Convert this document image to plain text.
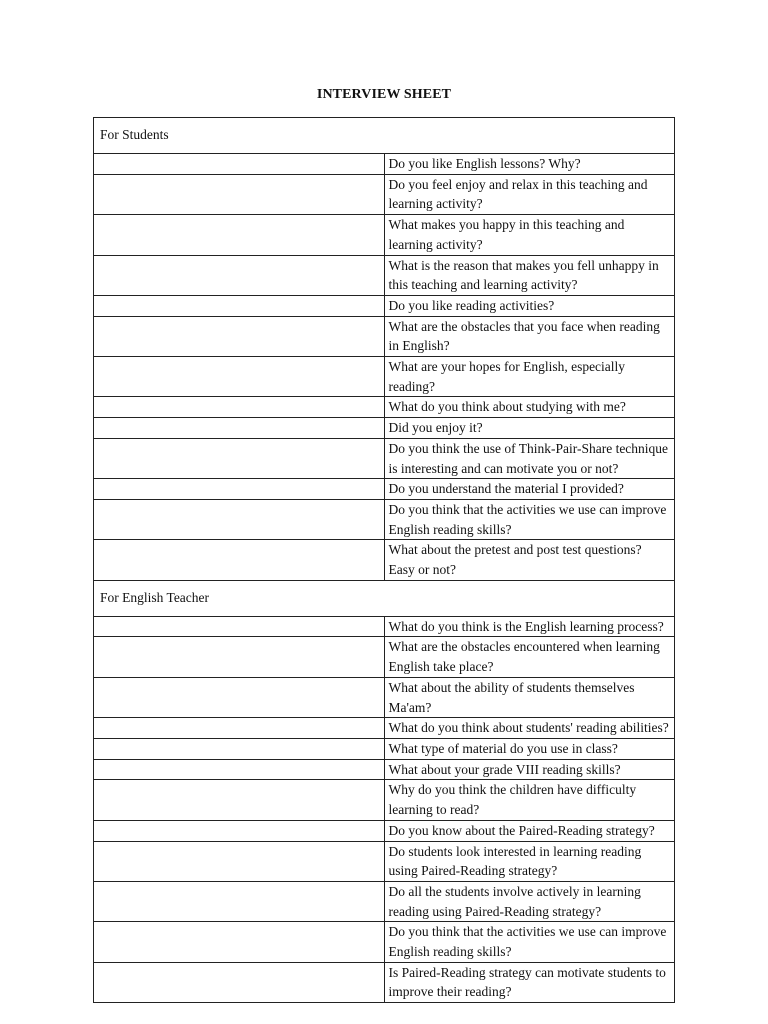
INTERVIEW SHEET
For Students	
	Do you like English lessons? Why?
	Do you feel enjoy and relax in this teaching and learning activity?
	What makes you happy in this teaching and learning activity?
	What is the reason that makes you fell unhappy in this teaching and learning activity?
	Do you like reading activities?
	What are the obstacles that you face when reading in English?
	What are your hopes for English, especially reading?
	What do you think about studying with me?
	Did you enjoy it?
	Do you think the use of Think-Pair-Share technique is interesting and can motivate you or not?
	Do you understand the material I provided?
	Do you think that the activities we use can improve English reading skills?
	What about the pretest and post test questions? Easy or not?
For English Teacher	
	What do you think is the English learning process?
	What are the obstacles encountered when learning English take place?
	What about the ability of students themselves Ma'am?
	What do you think about students' reading abilities?
	What type of material do you use in class?
	What about your grade VIII reading skills?
	Why do you think the children have difficulty learning to read?
	Do you know about the Paired-Reading strategy?
	Do students look interested in learning reading using Paired-Reading strategy?
	Do all the students involve actively in learning reading using Paired-Reading strategy?
	Do you think that the activities we use can improve English reading skills?
	Is Paired-Reading strategy can motivate students to improve their reading?
